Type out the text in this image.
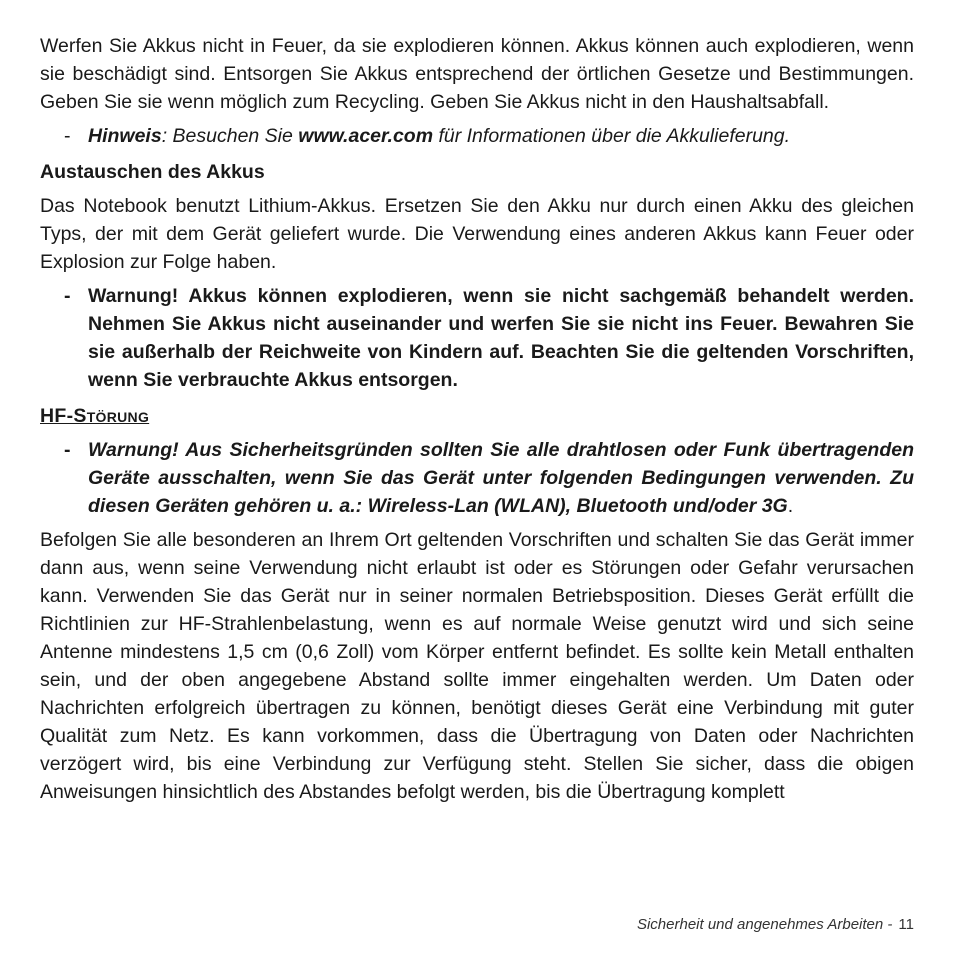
Werfen Sie Akkus nicht in Feuer, da sie explodieren können. Akkus können auch explodieren, wenn sie beschädigt sind. Entsorgen Sie Akkus entsprechend der örtlichen Gesetze und Bestimmungen. Geben Sie sie wenn möglich zum Recycling. Geben Sie Akkus nicht in den Haushaltsabfall.

- Hinweis: Besuchen Sie www.acer.com für Informationen über die Akkulieferung.
Austauschen des Akkus

Das Notebook benutzt Lithium-Akkus. Ersetzen Sie den Akku nur durch einen Akku des gleichen Typs, der mit dem Gerät geliefert wurde. Die Verwendung eines anderen Akkus kann Feuer oder Explosion zur Folge haben.

- Warnung! Akkus können explodieren, wenn sie nicht sachgemäß behandelt werden. Nehmen Sie Akkus nicht auseinander und werfen Sie sie nicht ins Feuer. Bewahren Sie sie außerhalb der Reichweite von Kindern auf. Beachten Sie die geltenden Vorschriften, wenn Sie verbrauchte Akkus entsorgen.
HF-Störung
- Warnung! Aus Sicherheitsgründen sollten Sie alle drahtlosen oder Funk übertragenden Geräte ausschalten, wenn Sie das Gerät unter folgenden Bedingungen verwenden. Zu diesen Geräten gehören u. a.: Wireless-Lan (WLAN), Bluetooth und/oder 3G.

Befolgen Sie alle besonderen an Ihrem Ort geltenden Vorschriften und schalten Sie das Gerät immer dann aus, wenn seine Verwendung nicht erlaubt ist oder es Störungen oder Gefahr verursachen kann. Verwenden Sie das Gerät nur in seiner normalen Betriebsposition. Dieses Gerät erfüllt die Richtlinien zur HF-Strahlenbelastung, wenn es auf normale Weise genutzt wird und sich seine Antenne mindestens 1,5 cm (0,6 Zoll) vom Körper entfernt befindet. Es sollte kein Metall enthalten sein, und der oben angegebene Abstand sollte immer eingehalten werden. Um Daten oder Nachrichten erfolgreich übertragen zu können, benötigt dieses Gerät eine Verbindung mit guter Qualität zum Netz. Es kann vorkommen, dass die Übertragung von Daten oder Nachrichten verzögert wird, bis eine Verbindung zur Verfügung steht. Stellen Sie sicher, dass die obigen Anweisungen hinsichtlich des Abstandes befolgt werden, bis die Übertragung komplett

Sicherheit und angenehmes Arbeiten - 11
